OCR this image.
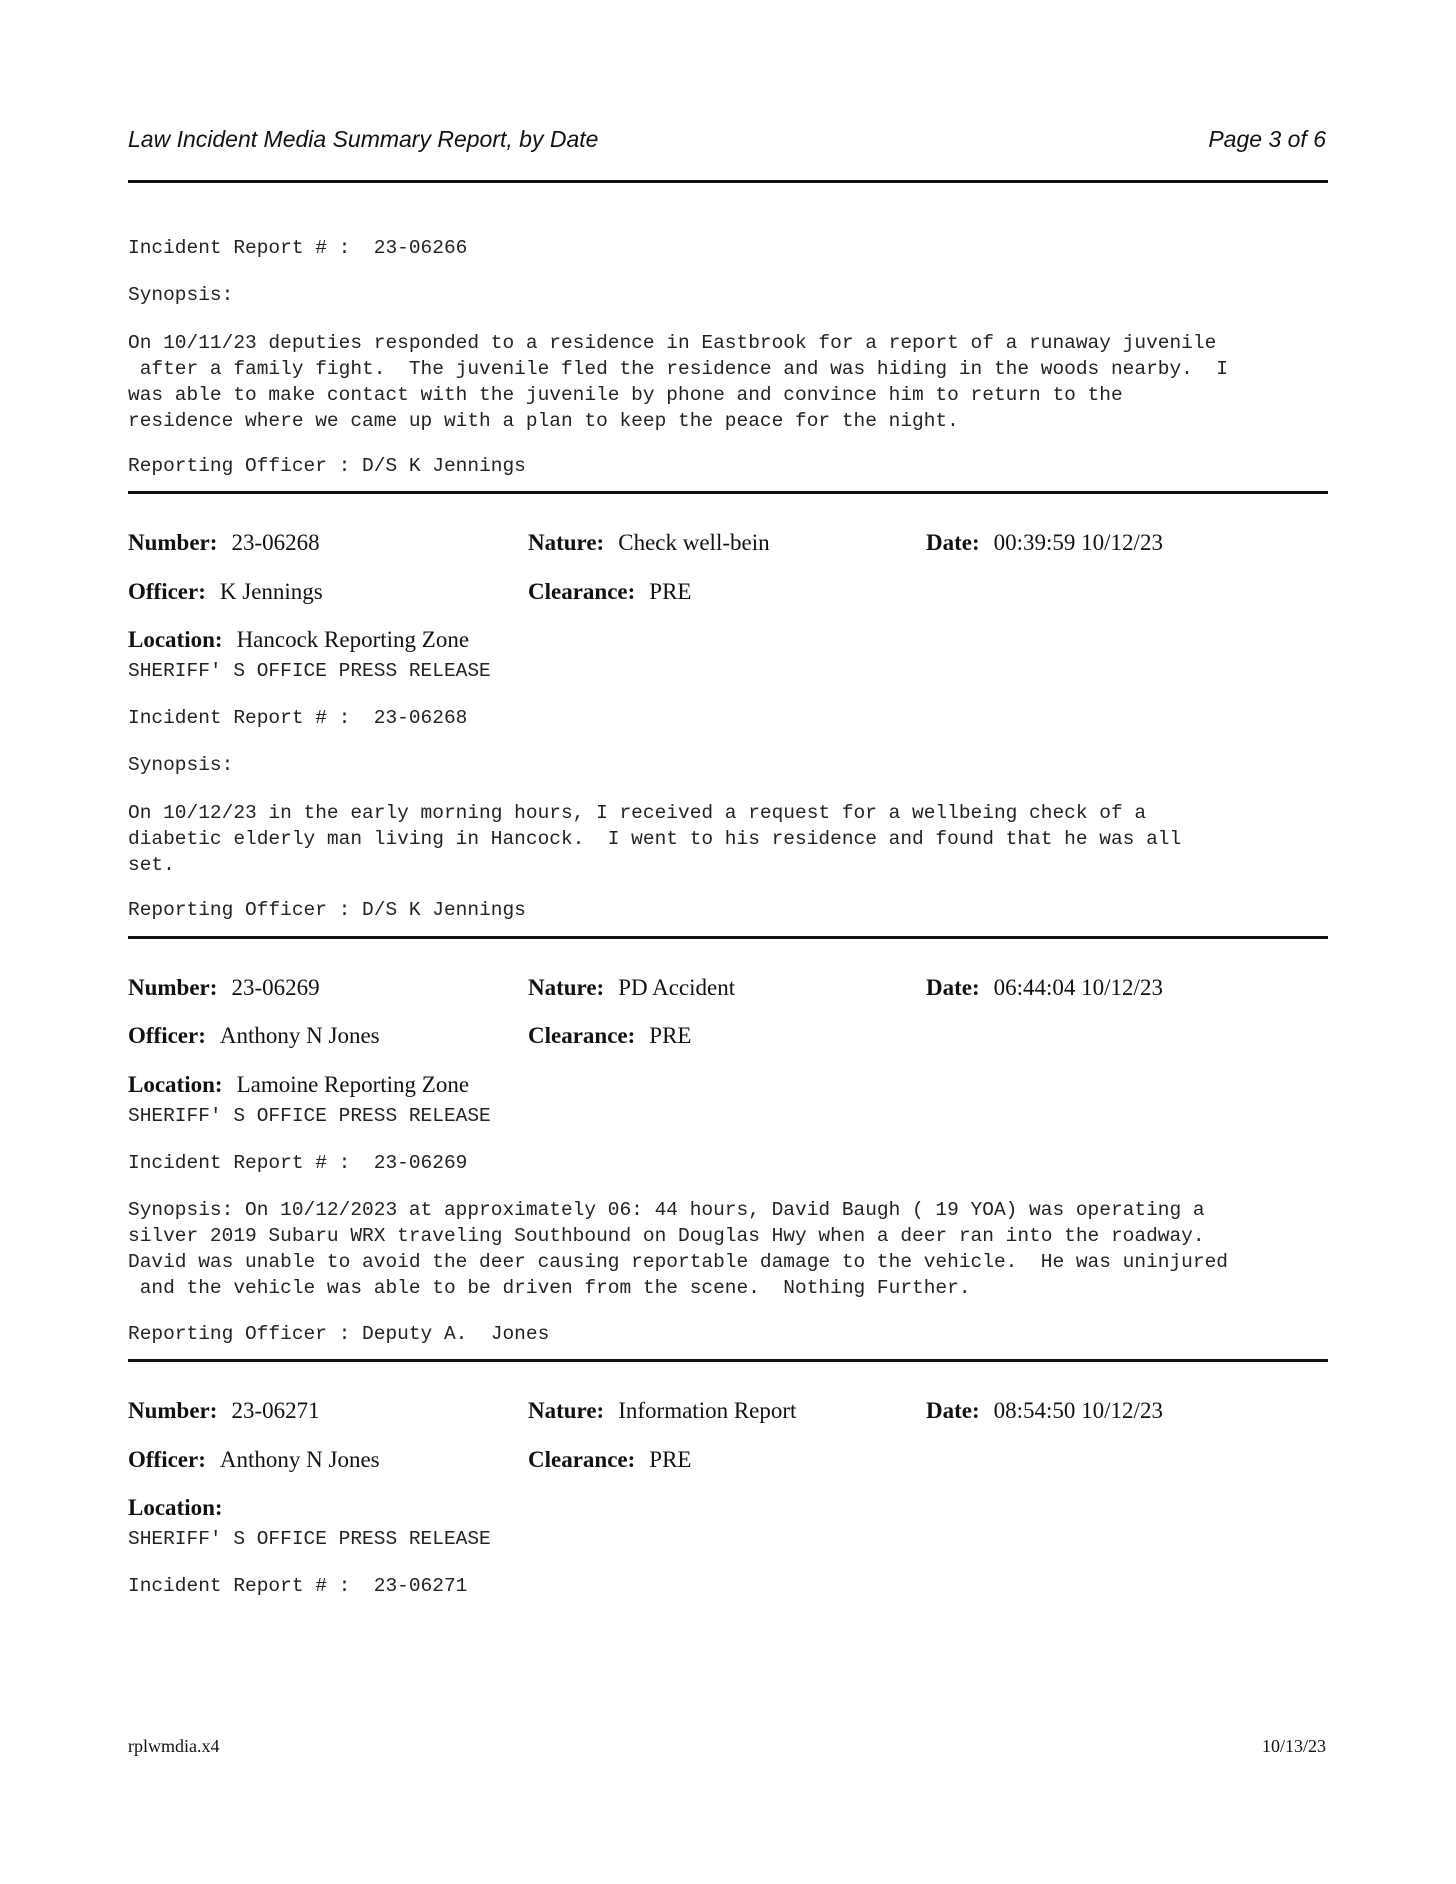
Law Incident Media Summary Report, by Date	Page 3 of 6
Incident Report # : 23-06266
Synopsis:
On 10/11/23 deputies responded to a residence in Eastbrook for a report of a runaway juvenile
after a family fight.  The juvenile fled the residence and was hiding in the woods nearby.  I
was able to make contact with the juvenile by phone and convince him to return to the
residence where we came up with a plan to keep the peace for the night.
Reporting Officer : D/S K Jennings
Number: 23-06268	Nature: Check well-bein	Date: 00:39:59 10/12/23
Officer: K Jennings	Clearance: PRE
Location: Hancock Reporting Zone
SHERIFF' S OFFICE PRESS RELEASE
Incident Report # : 23-06268
Synopsis:
On 10/12/23 in the early morning hours, I received a request for a wellbeing check of a
diabetic elderly man living in Hancock.  I went to his residence and found that he was all
set.
Reporting Officer : D/S K Jennings
Number: 23-06269	Nature: PD Accident	Date: 06:44:04 10/12/23
Officer: Anthony N Jones	Clearance: PRE
Location: Lamoine Reporting Zone
SHERIFF' S OFFICE PRESS RELEASE
Incident Report # : 23-06269
Synopsis: On 10/12/2023 at approximately 06: 44 hours, David Baugh ( 19 YOA) was operating a
silver 2019 Subaru WRX traveling Southbound on Douglas Hwy when a deer ran into the roadway.
David was unable to avoid the deer causing reportable damage to the vehicle.  He was uninjured
and the vehicle was able to be driven from the scene.  Nothing Further.
Reporting Officer : Deputy A.  Jones
Number: 23-06271	Nature: Information Report	Date: 08:54:50 10/12/23
Officer: Anthony N Jones	Clearance: PRE
Location:
SHERIFF' S OFFICE PRESS RELEASE
Incident Report # : 23-06271
rplwmdia.x4	10/13/23
